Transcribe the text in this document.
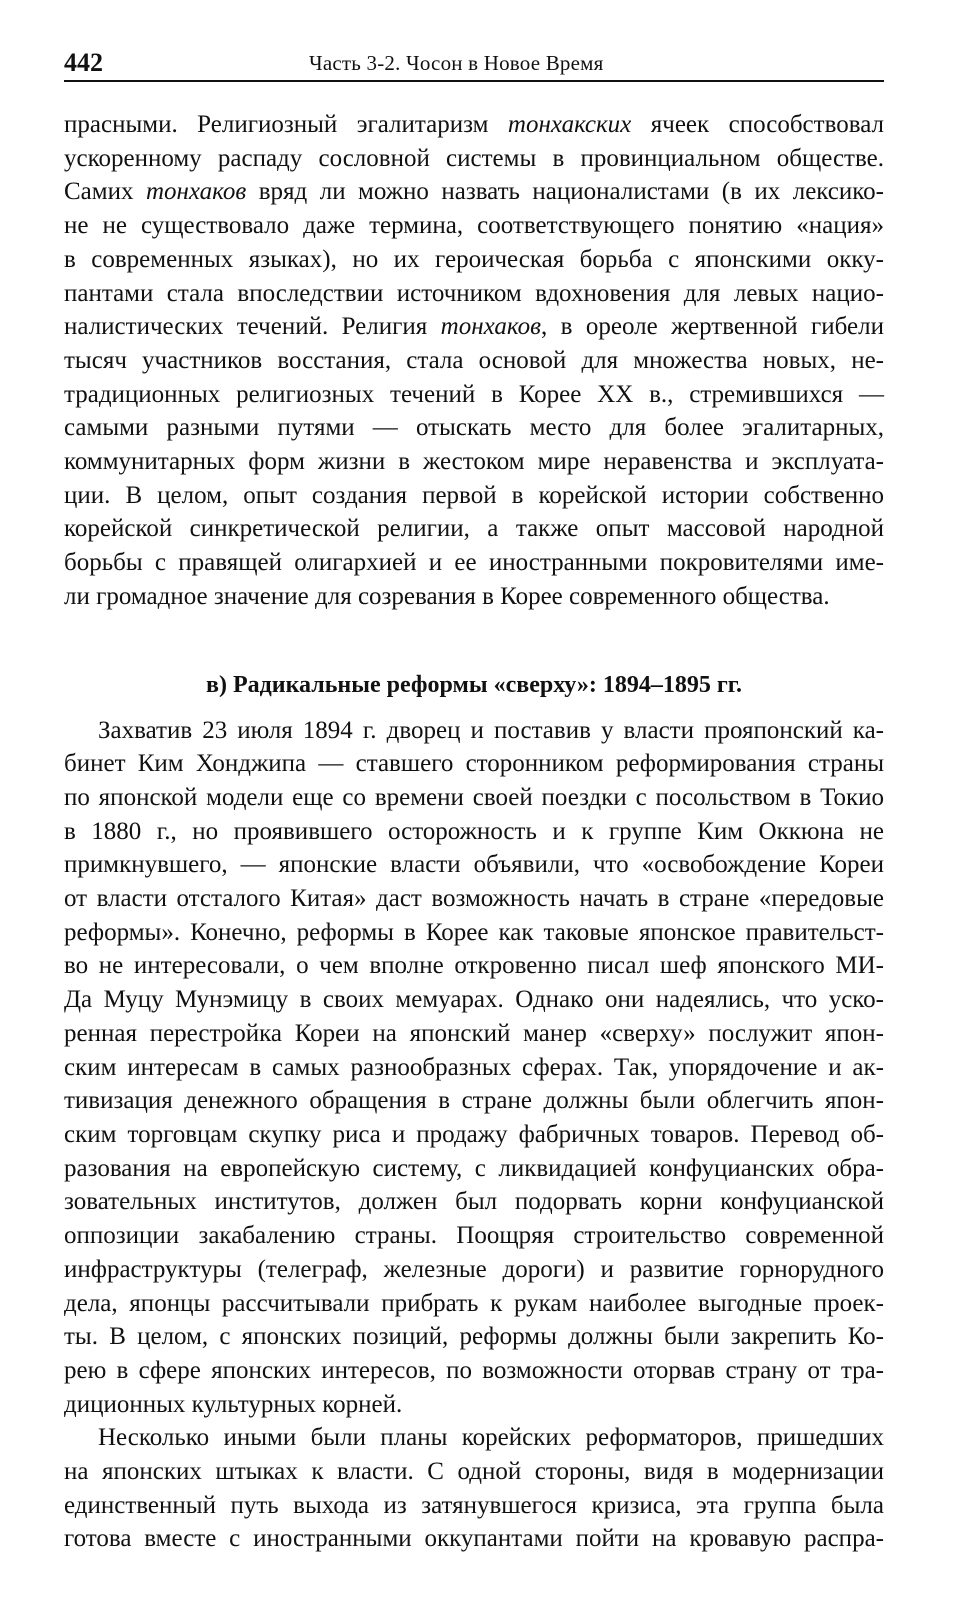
442	Часть 3-2. Чосон в Новое Время

прасными. Религиозный эгалитаризм тонхакских ячеек способствовал
ускоренному распаду сословной системы в провинциальном обществе.
Самих тонхаков вряд ли можно назвать националистами (в их лексико-
не не существовало даже термина, соответствующего понятию «нация»
в современных языках), но их героическая борьба с японскими окку-
пантами стала впоследствии источником вдохновения для левых нацио-
налистических течений. Религия тонхаков, в ореоле жертвенной гибели
тысяч участников восстания, стала основой для множества новых, не-
традиционных религиозных течений в Корее XX в., стремившихся —
самыми разными путями — отыскать место для более эгалитарных,
коммунитарных форм жизни в жестоком мире неравенства и эксплуата-
ции. В целом, опыт создания первой в корейской истории собственно
корейской синкретической религии, а также опыт массовой народной
борьбы с правящей олигархией и ее иностранными покровителями име-
ли громадное значение для созревания в Корее современного общества.

в) Радикальные реформы «сверху»: 1894–1895 гг.

Захватив 23 июля 1894 г. дворец и поставив у власти прояпонский ка-
бинет Ким Хонджипа — ставшего сторонником реформирования страны
по японской модели еще со времени своей поездки с посольством в Токио
в 1880 г., но проявившего осторожность и к группе Ким Оккюна не
примкнувшего, — японские власти объявили, что «освобождение Кореи
от власти отсталого Китая» даст возможность начать в стране «передовые
реформы». Конечно, реформы в Корее как таковые японское правительст-
во не интересовали, о чем вполне откровенно писал шеф японского МИ-
Да Муцу Мунэмицу в своих мемуарах. Однако они надеялись, что уско-
ренная перестройка Кореи на японский манер «сверху» послужит япон-
ским интересам в самых разнообразных сферах. Так, упорядочение и ак-
тивизация денежного обращения в стране должны были облегчить япон-
ским торговцам скупку риса и продажу фабричных товаров. Перевод об-
разования на европейскую систему, с ликвидацией конфуцианских обра-
зовательных институтов, должен был подорвать корни конфуцианской
оппозиции закабалению страны. Поощряя строительство современной
инфраструктуры (телеграф, железные дороги) и развитие горнорудного
дела, японцы рассчитывали прибрать к рукам наиболее выгодные проек-
ты. В целом, с японских позиций, реформы должны были закрепить Ко-
рею в сфере японских интересов, по возможности оторвав страну от тра-
диционных культурных корней.

Несколько иными были планы корейских реформаторов, пришедших
на японских штыках к власти. С одной стороны, видя в модернизации
единственный путь выхода из затянувшегося кризиса, эта группа была
готова вместе с иностранными оккупантами пойти на кровавую распра-
